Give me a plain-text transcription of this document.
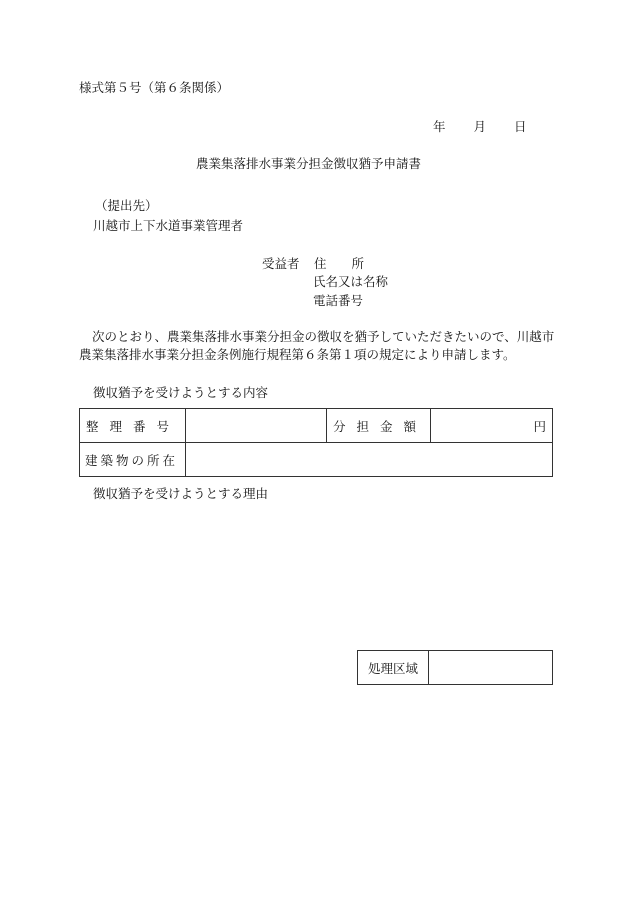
様式第５号（第６条関係）
年 月 日
農業集落排水事業分担金徴収猶予申請書
（提出先）
川越市上下水道事業管理者
受益者 住　　所
氏名又は名称
電話番号
次のとおり、農業集落排水事業分担金の徴収を猶予していただきたいので、川越市農業集落排水事業分担金条例施行規程第６条第１項の規定により申請します。
徴収猶予を受けようとする内容
整理番号		分担金額	円
建築物の所在			
徴収猶予を受けようとする理由
処理区域	
